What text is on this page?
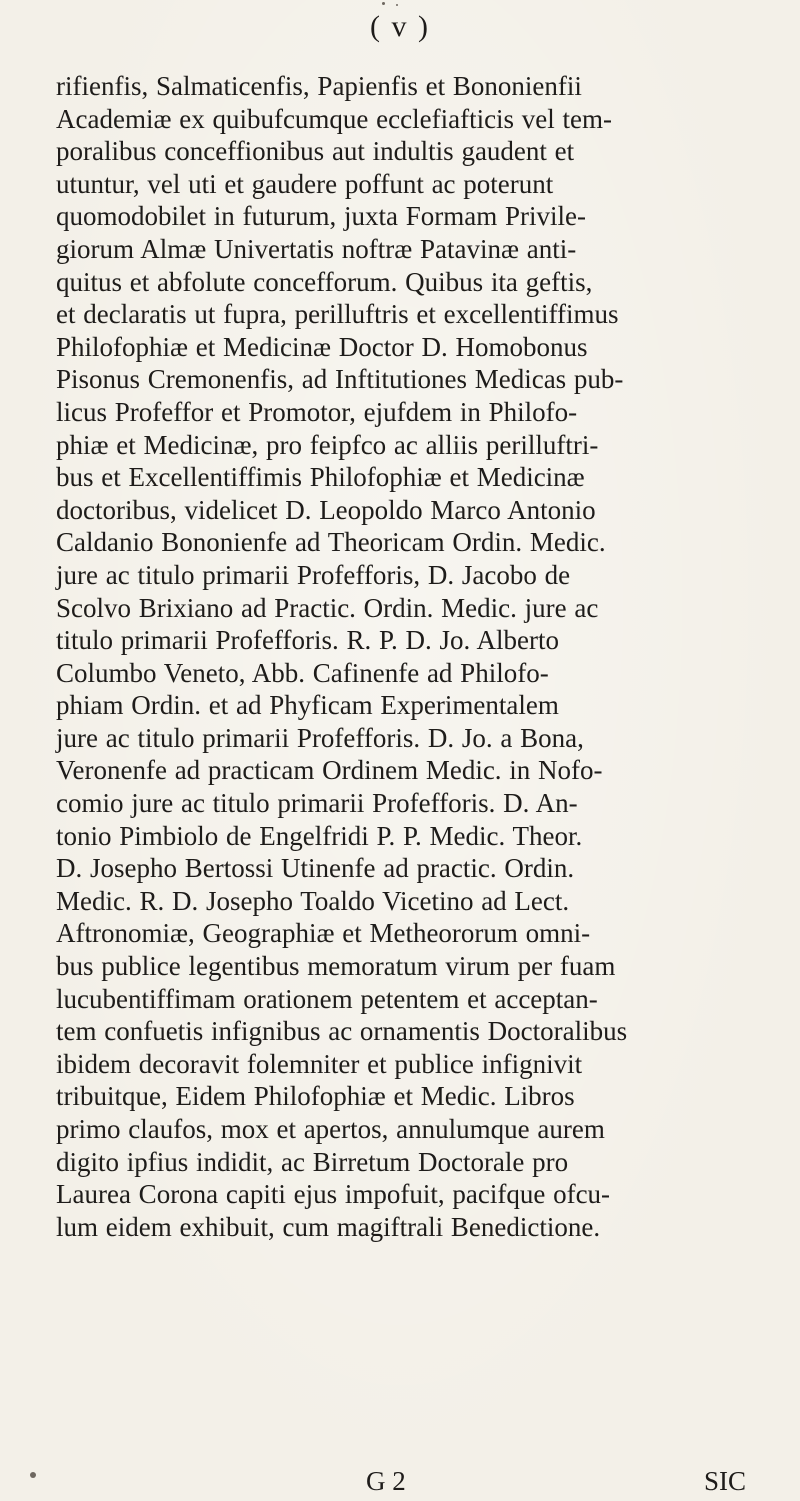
( v )
rifienfis, Salmaticenfis, Papienfis et Bononienfii
Academiæ ex quibufcumque ecclefiafticis vel tem-
poralibus conceffionibus aut indultis gaudent et
utuntur, vel uti et gaudere poffunt ac poterunt
quomodobilet in futurum, juxta Formam Privile-
giorum Almæ Univertatis noftræ Patavinæ anti-
quitus et abfolute concefforum. Quibus ita geftis,
et declaratis ut fupra, perilluftris et excellentiffimus
Philofophiæ et Medicinæ Doctor D. Homobonus
Pisonus Cremonenfis, ad Inftitutiones Medicas pub-
licus Profeffor et Promotor, ejufdem in Philofo-
phiæ et Medicinæ, pro feipfco ac alliis perilluftri-
bus et Excellentiffimis Philofophiæ et Medicinæ
doctoribus, videlicet D. Leopoldo Marco Antonio
Caldanio Bononienfe ad Theoricam Ordin. Medic.
jure ac titulo primarii Profefforis, D. Jacobo de
Scolvo Brixiano ad Practic. Ordin. Medic. jure ac
titulo primarii Profefforis. R. P. D. Jo. Alberto
Columbo Veneto, Abb. Cafinenfe ad Philofo-
phiam Ordin. et ad Phyficam Experimentalem
jure ac titulo primarii Profefforis. D. Jo. a Bona,
Veronenfe ad practicam Ordinem Medic. in Nofo-
comio jure ac titulo primarii Profefforis. D. An-
tonio Pimbiolo de Engelfridi P. P. Medic. Theor.
D. Josepho Bertossi Utinenfe ad practic. Ordin.
Medic. R. D. Josepho Toaldo Vicetino ad Lect.
Aftronomiæ, Geographiæ et Metheororum omni-
bus publice legentibus memoratum virum per fuam
lucubentiffimam orationem petentem et acceptan-
tem confuetis infignibus ac ornamentis Doctoralibus
ibidem decoravit folemniter et publice infignivit
tribuitque, Eidem Philofophiæ et Medic. Libros
primo claufos, mox et apertos, annulumque aurem
digito ipfius indidit, ac Birretum Doctorale pro
Laurea Corona capiti ejus impofuit, pacifque ofcu-
lum eidem exhibuit, cum magiftrali Benedictione.
G 2	SIC
